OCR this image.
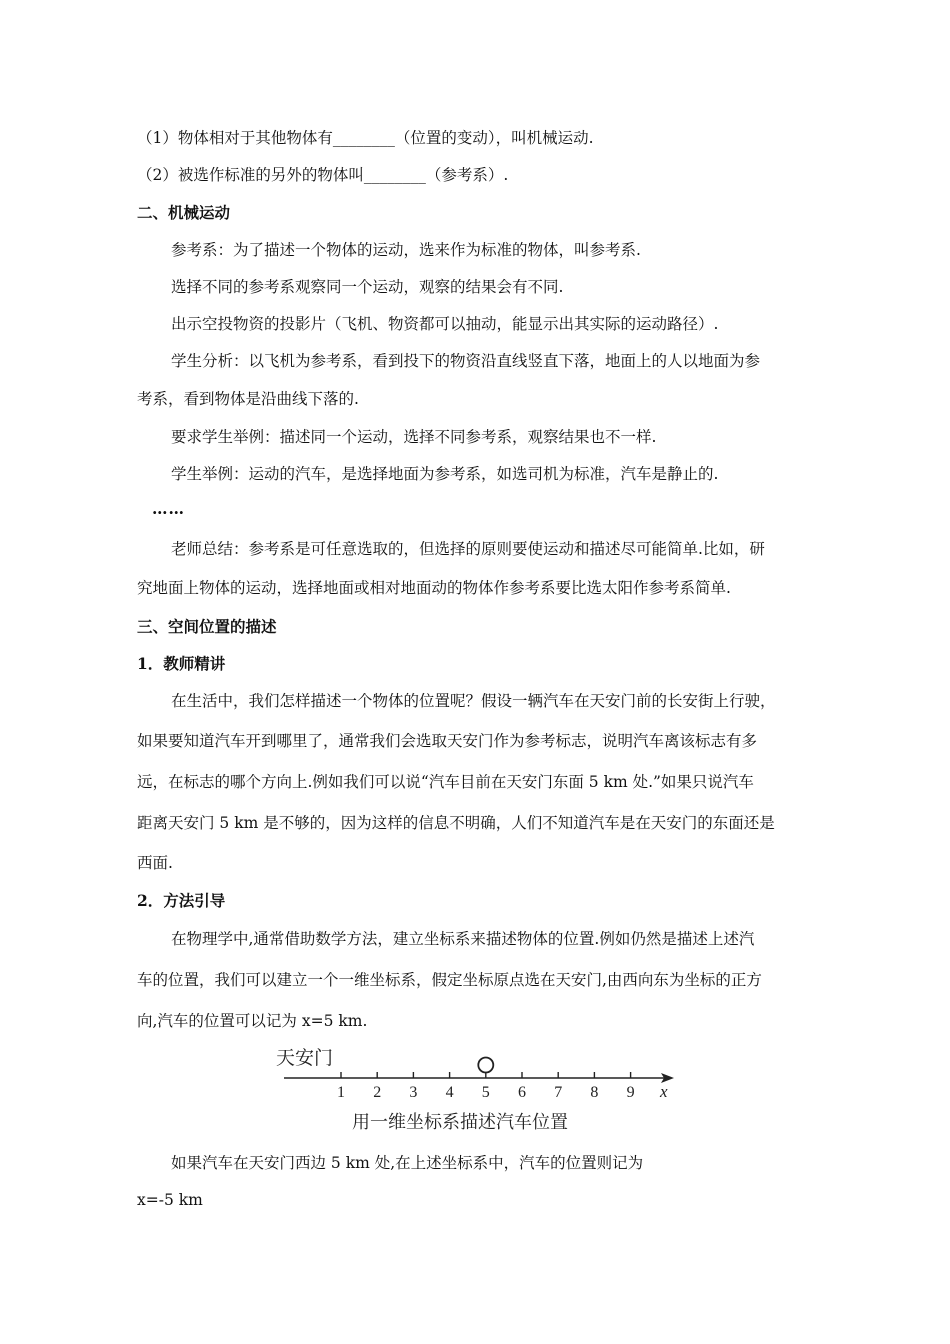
（1）物体相对于其他物体有________（位置的变动），叫机械运动.
（2）被选作标准的另外的物体叫________（参考系）.
二、机械运动
参考系：为了描述一个物体的运动，选来作为标准的物体，叫参考系.
选择不同的参考系观察同一个运动，观察的结果会有不同.
出示空投物资的投影片（飞机、物资都可以抽动，能显示出其实际的运动路径）.
学生分析：以飞机为参考系，看到投下的物资沿直线竖直下落，地面上的人以地面为参
考系，看到物体是沿曲线下落的.
要求学生举例：描述同一个运动，选择不同参考系，观察结果也不一样.
学生举例：运动的汽车，是选择地面为参考系，如选司机为标准，汽车是静止的.
……
老师总结：参考系是可任意选取的，但选择的原则要使运动和描述尽可能简单.比如，研
究地面上物体的运动，选择地面或相对地面动的物体作参考系要比选太阳作参考系简单.
三、空间位置的描述
1．教师精讲
在生活中，我们怎样描述一个物体的位置呢？假设一辆汽车在天安门前的长安街上行驶，
如果要知道汽车开到哪里了，通常我们会选取天安门作为参考标志，说明汽车离该标志有多
远，在标志的哪个方向上.例如我们可以说“汽车目前在天安门东面 5 km 处.”如果只说汽车
距离天安门 5 km 是不够的，因为这样的信息不明确，人们不知道汽车是在天安门的东面还是
西面.
2．方法引导
在物理学中,通常借助数学方法，建立坐标系来描述物体的位置.例如仍然是描述上述汽
车的位置，我们可以建立一个一维坐标系，假定坐标原点选在天安门,由西向东为坐标的正方
向,汽车的位置可以记为 x=5 km.
天安门
1 2 3 4 5 6 7 8 9 x
用一维坐标系描述汽车位置
如果汽车在天安门西边 5 km 处,在上述坐标系中，汽车的位置则记为
x=-5 km
